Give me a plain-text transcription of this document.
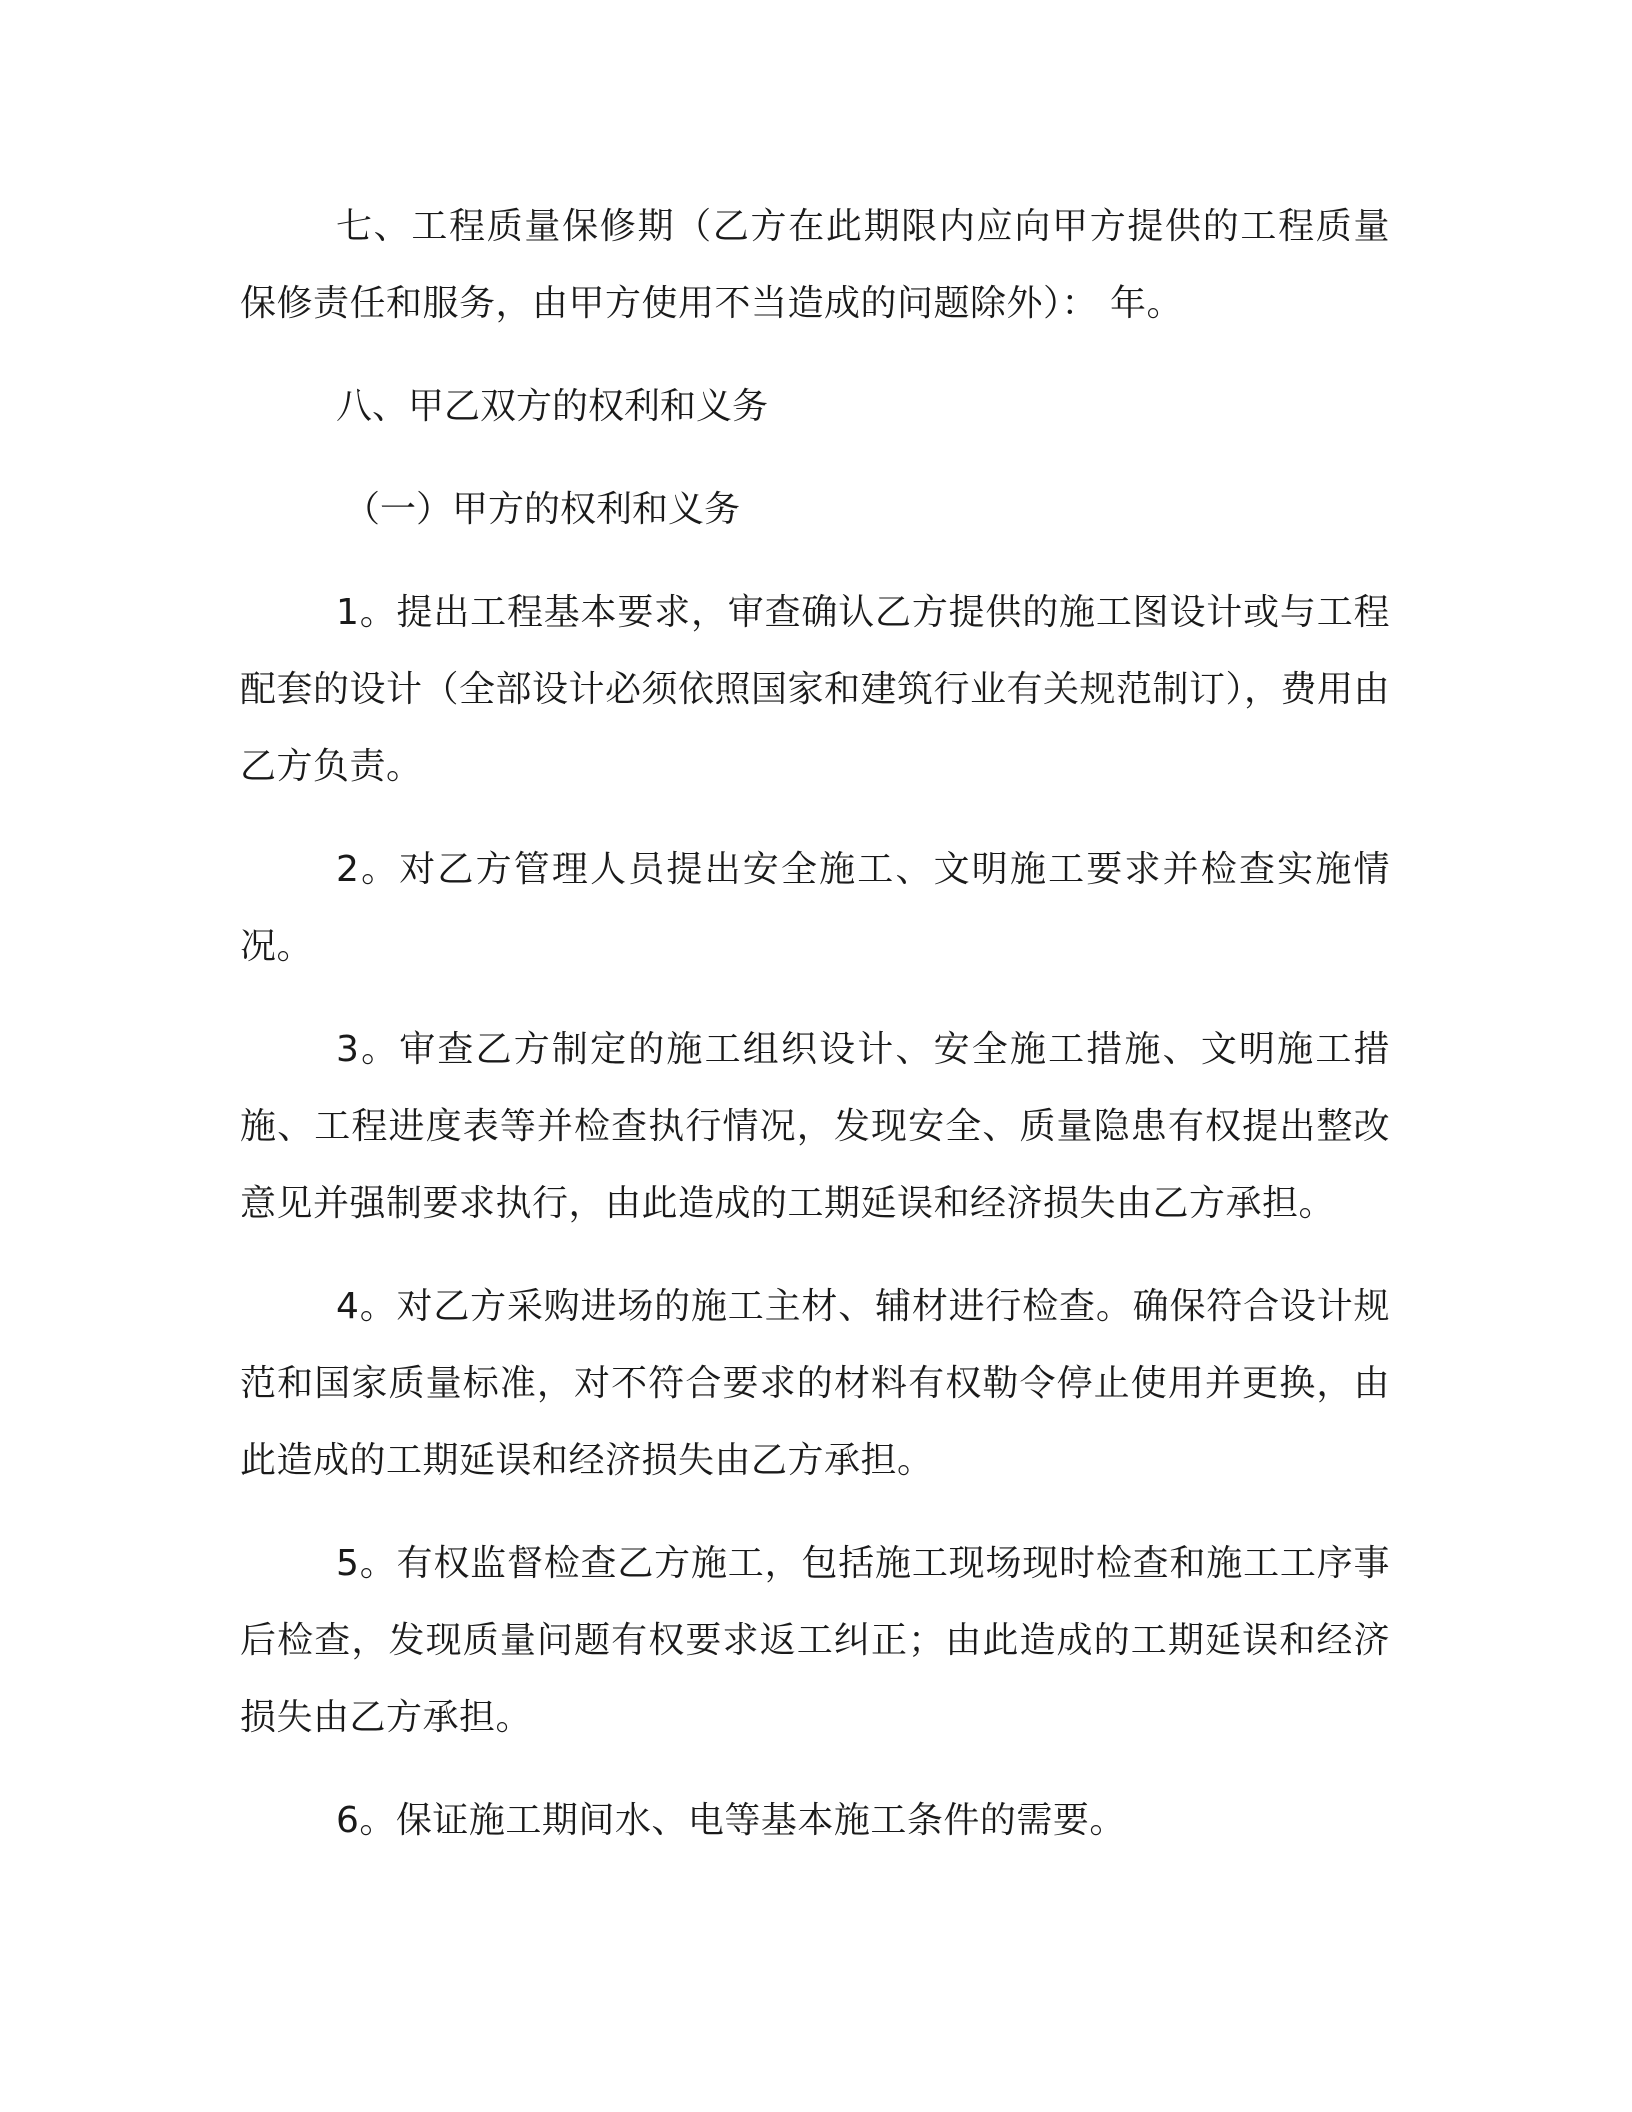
七、工程质量保修期（乙方在此期限内应向甲方提供的工程质量保修责任和服务，由甲方使用不当造成的问题除外）： 年。

八、甲乙双方的权利和义务

（一）甲方的权利和义务

1。提出工程基本要求，审查确认乙方提供的施工图设计或与工程配套的设计（全部设计必须依照国家和建筑行业有关规范制订），费用由乙方负责。

2。对乙方管理人员提出安全施工、文明施工要求并检查实施情况。

3。审查乙方制定的施工组织设计、安全施工措施、文明施工措施、工程进度表等并检查执行情况，发现安全、质量隐患有权提出整改意见并强制要求执行，由此造成的工期延误和经济损失由乙方承担。

4。对乙方采购进场的施工主材、辅材进行检查。确保符合设计规范和国家质量标准，对不符合要求的材料有权勒令停止使用并更换，由此造成的工期延误和经济损失由乙方承担。

5。有权监督检查乙方施工，包括施工现场现时检查和施工工序事后检查，发现质量问题有权要求返工纠正；由此造成的工期延误和经济损失由乙方承担。

6。保证施工期间水、电等基本施工条件的需要。
